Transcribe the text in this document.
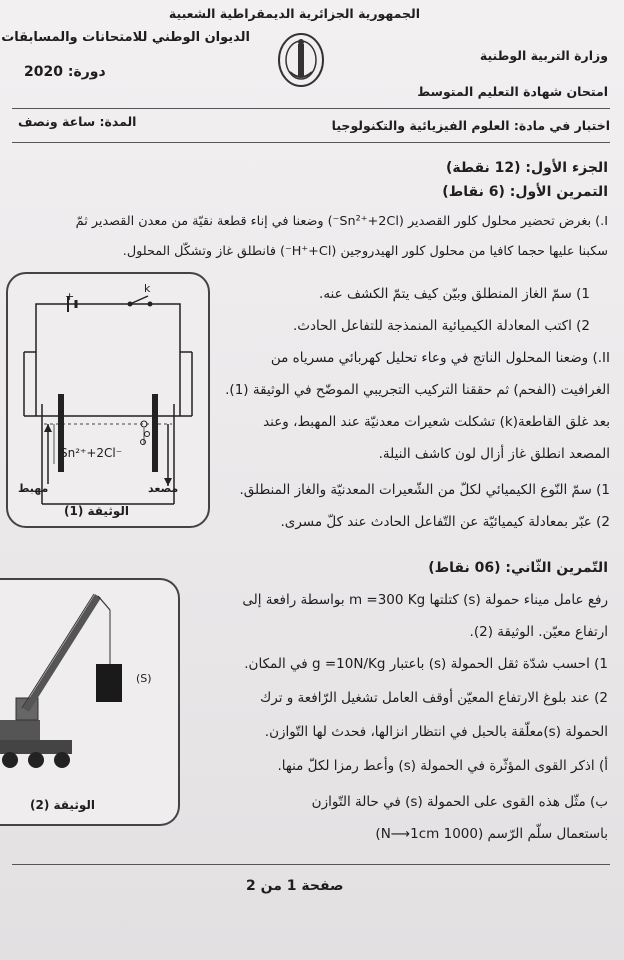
الجمهورية الجزائرية الديمقراطية الشعبية
الديوان الوطني للامتحانات والمسابقات
دورة: 2020
وزارة التربية الوطنية
امتحان شهادة التعليم المتوسط
المدة: ساعة ونصف	اختبار في مادة: العلوم الفيزيائية والتكنولوجيا
الجزء الأول: (12 نقطة)
التمرين الأول: (6 نقاط)
I.) بغرض تحضير محلول كلور القصدير (Sn²⁺+2Cl⁻) وضعنا في إناء قطعة نقيّة من معدن القصدير ثمّ
سكبنا عليها حجما كافيا من محلول كلور الهيدروجين (H⁺+Cl⁻) فانطلق غاز وتشكّل المحلول.
1) سمّ الغاز المنطلق وبيّن كيف يتمّ الكشف عنه.
2) اكتب المعادلة الكيميائية المنمذجة للتفاعل الحادث.
II.) وضعنا المحلول الناتج في وعاء تحليل كهربائي مسرياه من
الغرافيت (الفحم) ثم حققنا التركيب التجريبي الموضّح في الوثيقة (1).
بعد غلق القاطعة(k) تشكلت شعيرات معدنيّة عند المهبط، وعند
المصعد انطلق غاز أزال لون كاشف النيلة.
1) سمّ النّوع الكيميائي لكلّ من الشّعيرات المعدنيّة والغاز المنطلق.
2) عبّر بمعادلة كيميائيّة عن التّفاعل الحادث عند كلّ مسرى.
+
k
Sn²⁺+2Cl⁻
مهبط	مصعد
الوثيقة (1)
التّمرين الثّاني: (06 نقاط)
رفع عامل ميناء حمولة (s) كتلتها m =300 Kg بواسطة رافعة إلى
ارتفاع معيّن. الوثيقة (2).
1) احسب شدّة ثقل الحمولة (s) باعتبار g =10N/Kg في المكان.
2) عند بلوغ الارتفاع المعيّن أوقف العامل تشغيل الرّافعة و ترك
الحمولة (s)معلّقة بالحبل في انتظار انزالها، فحدث لها التّوازن.
أ) اذكر القوى المؤثّرة في الحمولة (s) وأعط رمزا لكلّ منها.
ب) مثّل هذه القوى على الحمولة (s) في حالة التّوازن
باستعمال سلّم الرّسم (1000 N⟶1cm)
(S)
الوثيقة (2)
صفحة 1 من 2
